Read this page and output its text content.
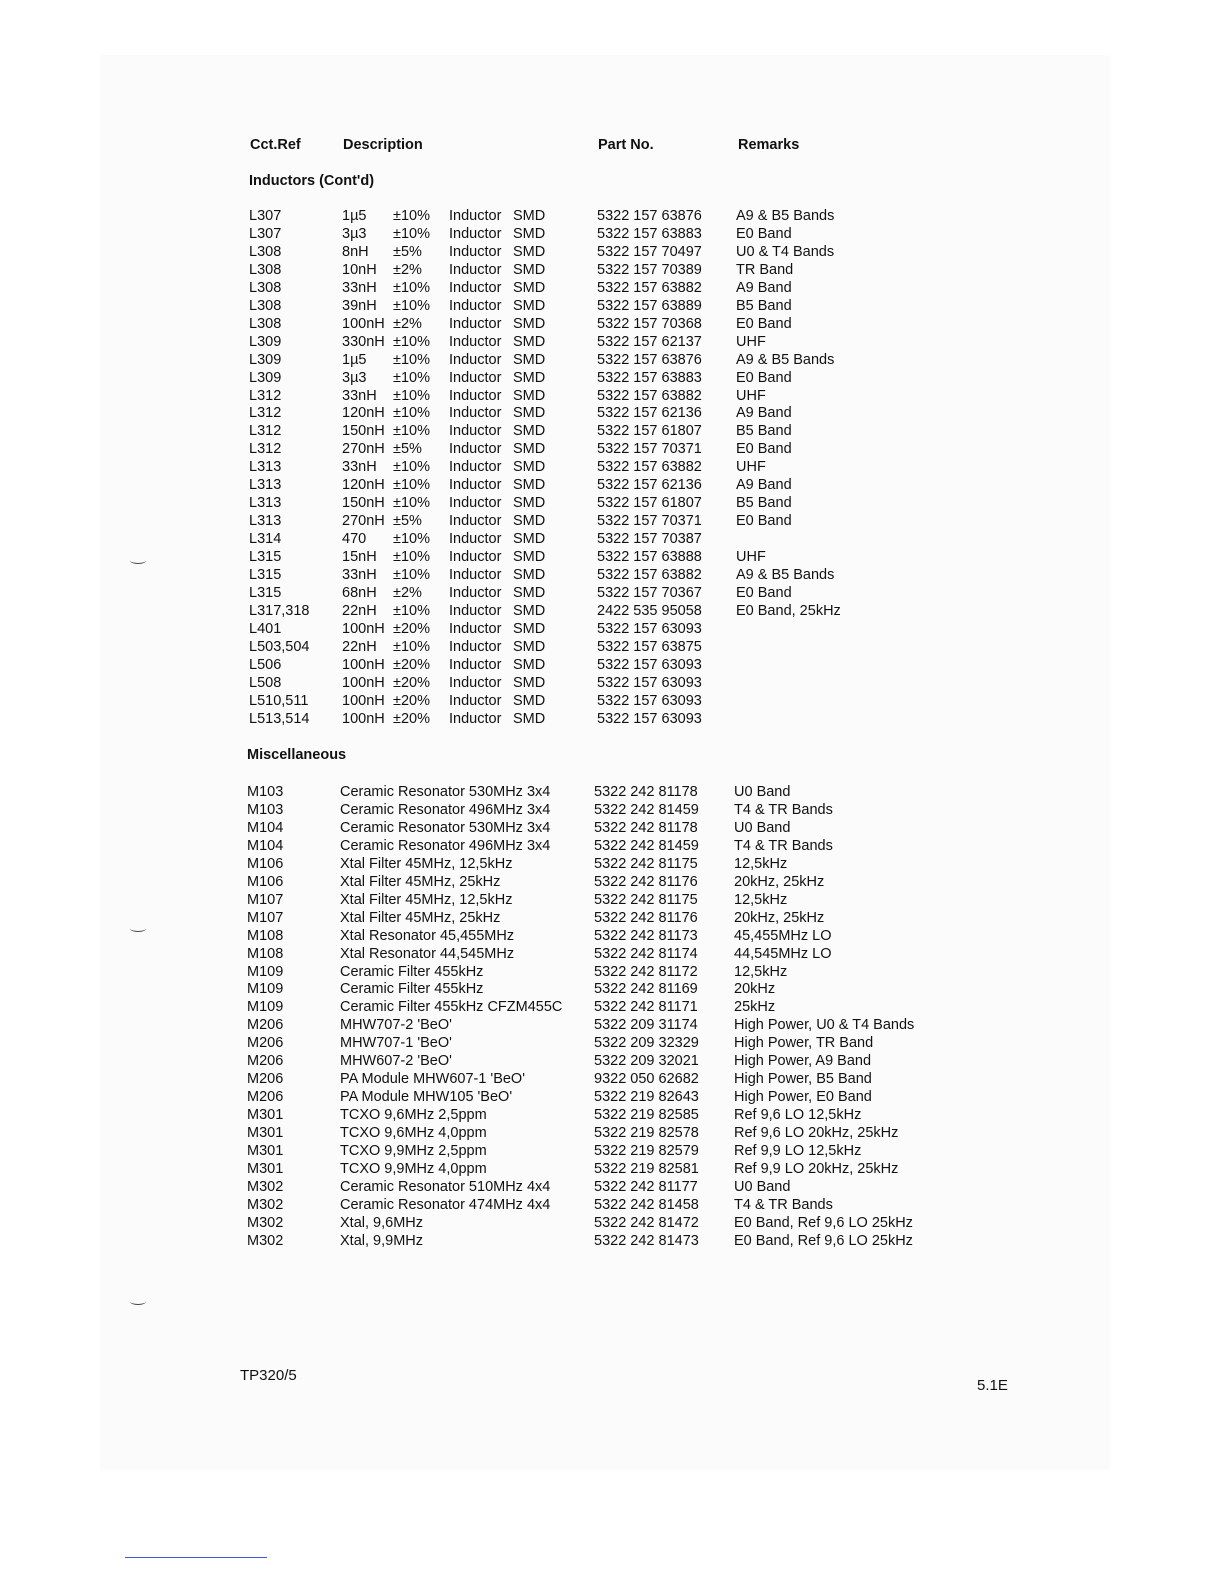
Cct.Ref	Description	Part No.	Remarks
Inductors (Cont'd)
Miscellaneous
L307	1µ5 ±10% Inductor SMD	5322 157 63876 A9 & B5 Bands
L307	3µ3 ±10% Inductor SMD	5322 157 63883 E0 Band
L308	8nH ±5% Inductor SMD	5322 157 70497 U0 & T4 Bands
L308	10nH ±2% Inductor SMD	5322 157 70389 TR Band
L308	33nH ±10% Inductor SMD	5322 157 63882 A9 Band
L308	39nH ±10% Inductor SMD	5322 157 63889 B5 Band
L308	100nH ±2% Inductor SMD	5322 157 70368 E0 Band
L309	330nH ±10% Inductor SMD	5322 157 62137 UHF
L309	1µ5 ±10% Inductor SMD	5322 157 63876 A9 & B5 Bands
L309	3µ3 ±10% Inductor SMD	5322 157 63883 E0 Band
L312	33nH ±10% Inductor SMD	5322 157 63882 UHF
L312	120nH ±10% Inductor SMD	5322 157 62136 A9 Band
L312	150nH ±10% Inductor SMD	5322 157 61807 B5 Band
L312	270nH ±5% Inductor SMD	5322 157 70371 E0 Band
L313	33nH ±10% Inductor SMD	5322 157 63882 UHF
L313	120nH ±10% Inductor SMD	5322 157 62136 A9 Band
L313	150nH ±10% Inductor SMD	5322 157 61807 B5 Band
L313	270nH ±5% Inductor SMD	5322 157 70371 E0 Band
L314	470 ±10% Inductor SMD	5322 157 70387
L315	15nH ±10% Inductor SMD	5322 157 63888 UHF
L315	33nH ±10% Inductor SMD	5322 157 63882 A9 & B5 Bands
L315	68nH ±2% Inductor SMD	5322 157 70367 E0 Band
L317,318 22nH ±10% Inductor SMD	2422 535 95058 E0 Band, 25kHz
L401	100nH ±20% Inductor SMD	5322 157 63093
L503,504 22nH ±10% Inductor SMD	5322 157 63875
L506	100nH ±20% Inductor SMD	5322 157 63093
L508	100nH ±20% Inductor SMD	5322 157 63093
L510,511 100nH ±20% Inductor SMD	5322 157 63093
L513,514 100nH ±20% Inductor SMD	5322 157 63093
M103	Ceramic Resonator 530MHz 3x4	5322 242 81178 U0 Band
M103	Ceramic Resonator 496MHz 3x4	5322 242 81459 T4 & TR Bands
M104	Ceramic Resonator 530MHz 3x4	5322 242 81178 U0 Band
M104	Ceramic Resonator 496MHz 3x4	5322 242 81459 T4 & TR Bands
M106	Xtal Filter 45MHz, 12,5kHz	5322 242 81175 12,5kHz
M106	Xtal Filter 45MHz, 25kHz	5322 242 81176 20kHz, 25kHz
M107	Xtal Filter 45MHz, 12,5kHz	5322 242 81175 12,5kHz
M107	Xtal Filter 45MHz, 25kHz	5322 242 81176 20kHz, 25kHz
M108	Xtal Resonator 45,455MHz	5322 242 81173 45,455MHz LO
M108	Xtal Resonator 44,545MHz	5322 242 81174 44,545MHz LO
M109	Ceramic Filter 455kHz	5322 242 81172 12,5kHz
M109	Ceramic Filter 455kHz	5322 242 81169 20kHz
M109	Ceramic Filter 455kHz CFZM455C 5322 242 81171 25kHz
M206	MHW707-2 'BeO'	5322 209 31174 High Power, U0 & T4 Bands
M206	MHW707-1 'BeO'	5322 209 32329 High Power, TR Band
M206	MHW607-2 'BeO'	5322 209 32021 High Power, A9 Band
M206	PA Module MHW607-1 'BeO'	9322 050 62682 High Power, B5 Band
M206	PA Module MHW105 'BeO'	5322 219 82643 High Power, E0 Band
M301	TCXO 9,6MHz 2,5ppm	5322 219 82585 Ref 9,6 LO 12,5kHz
M301	TCXO 9,6MHz 4,0ppm	5322 219 82578 Ref 9,6 LO 20kHz, 25kHz
M301	TCXO 9,9MHz 2,5ppm	5322 219 82579 Ref 9,9 LO 12,5kHz
M301	TCXO 9,9MHz 4,0ppm	5322 219 82581 Ref 9,9 LO 20kHz, 25kHz
M302	Ceramic Resonator 510MHz 4x4	5322 242 81177 U0 Band
M302	Ceramic Resonator 474MHz 4x4	5322 242 81458 T4 & TR Bands
M302	Xtal, 9,6MHz	5322 242 81472 E0 Band, Ref 9,6 LO 25kHz
M302	Xtal, 9,9MHz	5322 242 81473 E0 Band, Ref 9,6 LO 25kHz
TP320/5
5.1Ε
